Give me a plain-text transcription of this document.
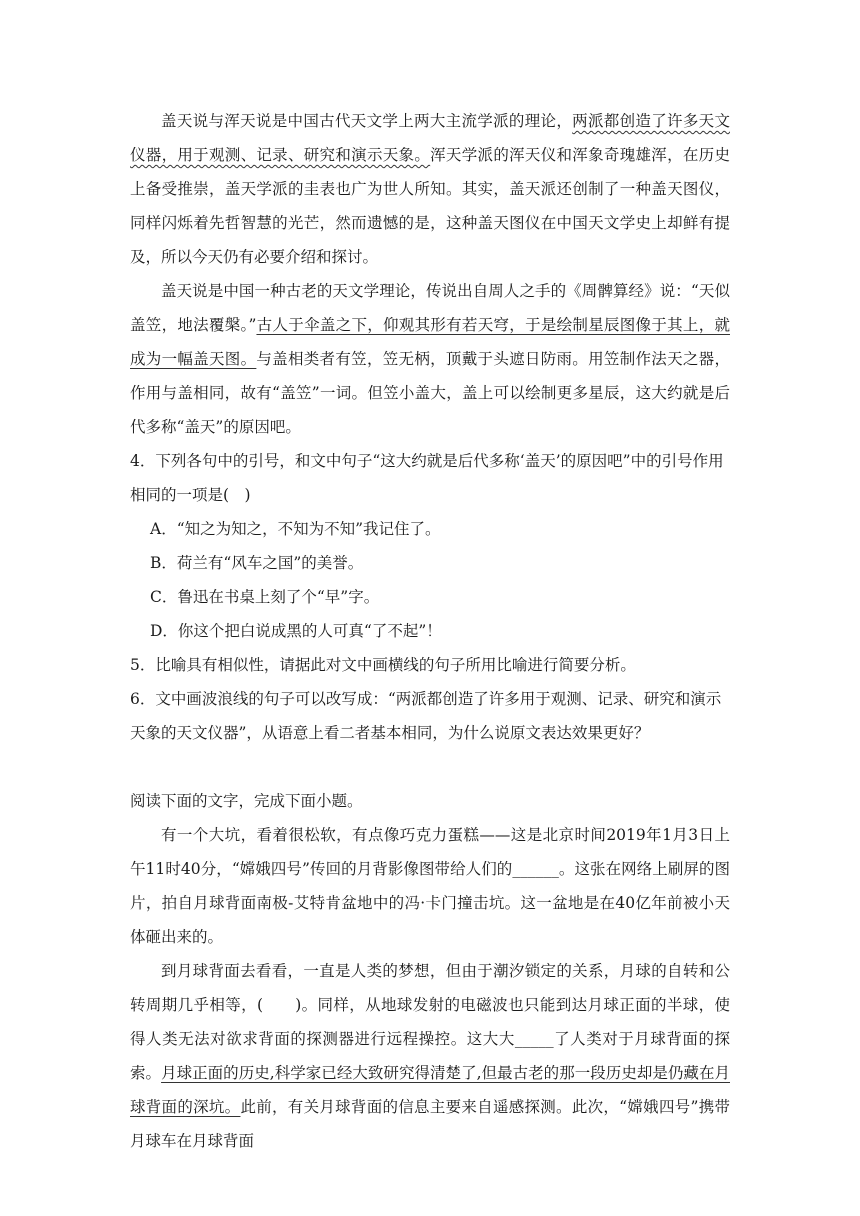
盖天说与浑天说是中国古代天文学上两大主流学派的理论，两派都创造了许多天文仪器，用于观测、记录、研究和演示天象。浑天学派的浑天仪和浑象奇瑰雄浑，在历史上备受推崇，盖天学派的圭表也广为世人所知。其实，盖天派还创制了一种盖天图仪，同样闪烁着先哲智慧的光芒，然而遗憾的是，这种盖天图仪在中国天文学史上却鲜有提及，所以今天仍有必要介绍和探讨。

盖天说是中国一种古老的天文学理论，传说出自周人之手的《周髀算经》说：“天似盖笠，地法覆槃。”古人于伞盖之下，仰观其形有若天穹，于是绘制星辰图像于其上，就成为一幅盖天图。与盖相类者有笠，笠无柄，顶戴于头遮日防雨。用笠制作法天之器，作用与盖相同，故有“盖笠”一词。但笠小盖大，盖上可以绘制更多星辰，这大约就是后代多称“盖天”的原因吧。

4．下列各句中的引号，和文中句子“这大约就是后代多称‘盖天’的原因吧”中的引号作用相同的一项是(　)

A．“知之为知之，不知为不知”我记住了。

B．荷兰有“风车之国”的美誉。

C．鲁迅在书桌上刻了个“早”字。

D．你这个把白说成黑的人可真“了不起”！

5．比喻具有相似性，请据此对文中画横线的句子所用比喻进行简要分析。

6．文中画波浪线的句子可以改写成：“两派都创造了许多用于观测、记录、研究和演示天象的天文仪器”，从语意上看二者基本相同，为什么说原文表达效果更好？

阅读下面的文字，完成下面小题。

有一个大坑，看着很松软，有点像巧克力蛋糕——这是北京时间2019年1月3日上午11时40分，“嫦娥四号”传回的月背影像图带给人们的______。这张在网络上刷屏的图片，拍自月球背面南极-艾特肯盆地中的冯·卡门撞击坑。这一盆地是在40亿年前被小天体砸出来的。

到月球背面去看看，一直是人类的梦想，但由于潮汐锁定的关系，月球的自转和公转周期几乎相等，(　　)。同样，从地球发射的电磁波也只能到达月球正面的半球，使得人类无法对欲求背面的探测器进行远程操控。这大大_____了人类对于月球背面的探索。月球正面的历史,科学家已经大致研究得清楚了,但最古老的那一段历史却是仍藏在月球背面的深坑。此前，有关月球背面的信息主要来自遥感探测。此次，“嫦娥四号”携带月球车在月球背面
